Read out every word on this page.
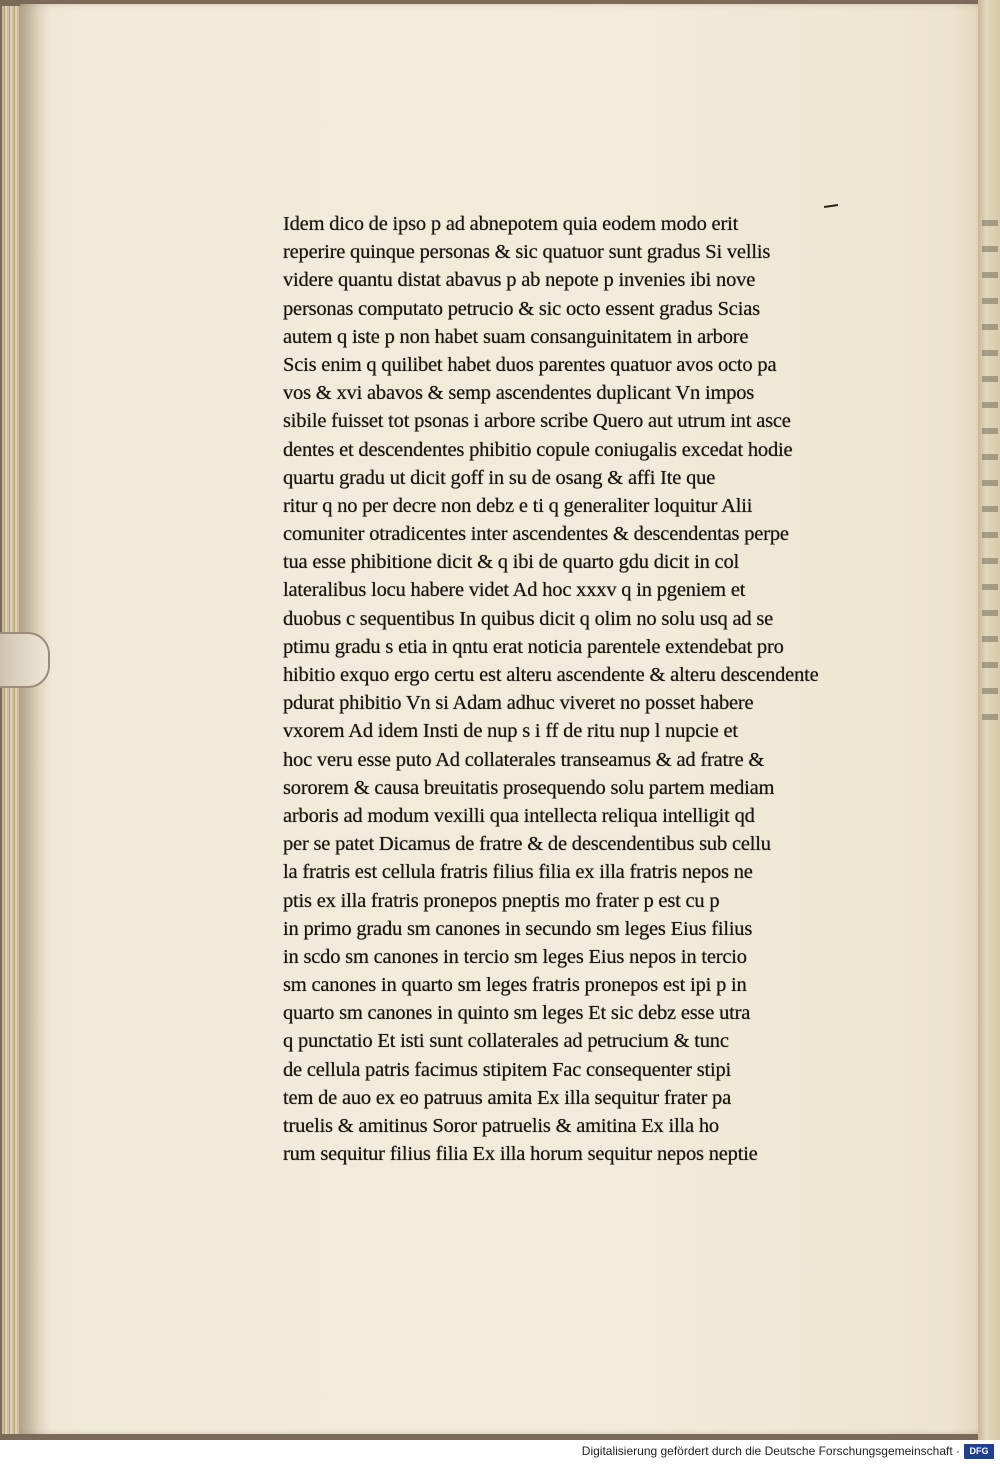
Idem dico de ipso p ad abnepotem quia eodem modo erit
reperire quinque personas & sic quatuor sunt gradus Si vellis
videre quantu distat abavus p ab nepote p invenies ibi nove
personas computato petrucio & sic octo essent gradus Scias
autem q iste p non habet suam consanguinitatem in arbore
Scis enim q quilibet habet duos parentes quatuor avos octo pa
vos & xvi abavos & semp ascendentes duplicant Vn impos
sibile fuisset tot psonas i arbore scribe Quero aut utrum int asce
dentes et descendentes phibitio copule coniugalis excedat hodie
quartu gradu ut dicit goff in su de osang & affi Ite que
ritur q no per decre non debz e ti q generaliter loquitur Alii
comuniter otradicentes inter ascendentes & descendentas perpe
tua esse phibitione dicit & q ibi de quarto gdu dicit in col
lateralibus locu habere videt Ad hoc xxxv q in pgeniem et
duobus c sequentibus In quibus dicit q olim no solu usq ad se
ptimu gradu s etia in qntu erat noticia parentele extendebat pro
hibitio exquo ergo certu est alteru ascendente & alteru descendente
pdurat phibitio Vn si Adam adhuc viveret no posset habere
vxorem Ad idem Insti de nup s i ff de ritu nup l nupcie et
hoc veru esse puto Ad collaterales transeamus & ad fratre &
sororem & causa breuitatis prosequendo solu partem mediam
arboris ad modum vexilli qua intellecta reliqua intelligit qd
per se patet Dicamus de fratre & de descendentibus sub cellu
la fratris est cellula fratris filius filia ex illa fratris nepos ne
ptis ex illa fratris pronepos pneptis mo frater p est cu p
in primo gradu sm canones in secundo sm leges Eius filius
in scdo sm canones in tercio sm leges Eius nepos in tercio
sm canones in quarto sm leges fratris pronepos est ipi p in
quarto sm canones in quinto sm leges Et sic debz esse utra
q punctatio Et isti sunt collaterales ad petrucium & tunc
de cellula patris facimus stipitem Fac consequenter stipi
tem de auo ex eo patruus amita Ex illa sequitur frater pa
truelis & amitinus Soror patruelis & amitina Ex illa ho
rum sequitur filius filia Ex illa horum sequitur nepos neptie
Digitalisierung gefördert durch die Deutsche Forschungsgemeinschaft ·	DFG
